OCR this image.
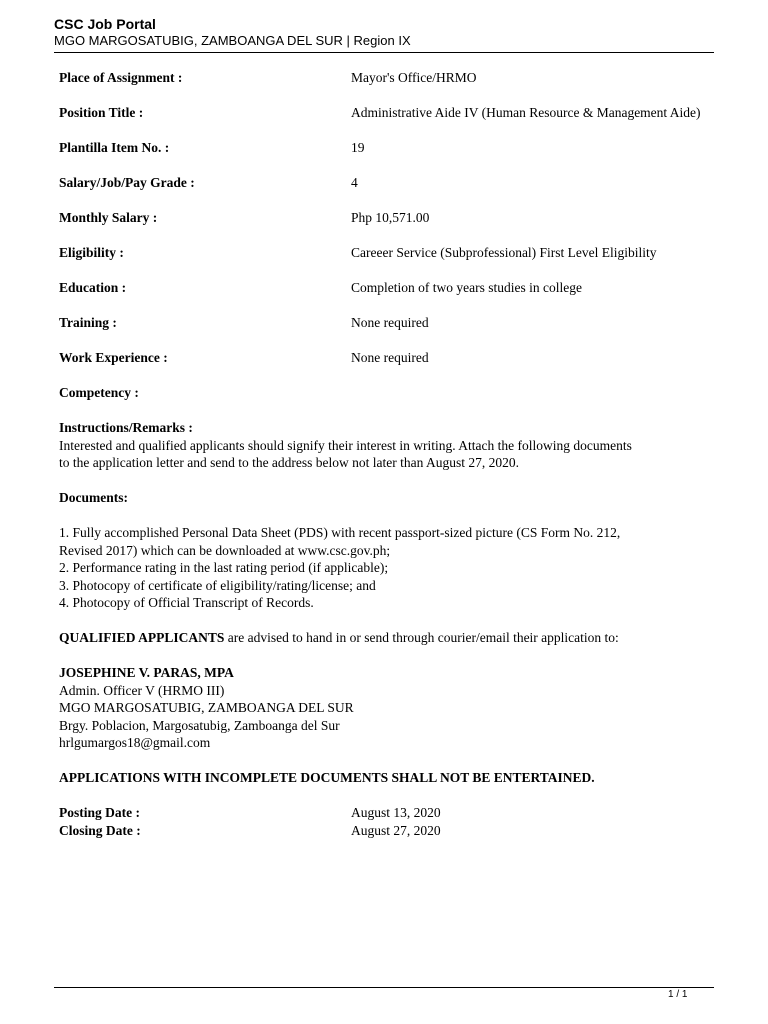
CSC Job Portal
MGO MARGOSATUBIG, ZAMBOANGA DEL SUR | Region IX
Place of Assignment :	Mayor's Office/HRMO
Position Title :	Administrative Aide IV (Human Resource & Management Aide)
Plantilla Item No. :	19
Salary/Job/Pay Grade :	4
Monthly Salary :	Php 10,571.00
Eligibility :	Careeer Service (Subprofessional) First Level Eligibility
Education :	Completion of two years studies in college
Training :	None required
Work Experience :	None required
Competency :
Instructions/Remarks :
Interested and qualified applicants should signify their interest in writing. Attach the following documents
to the application letter and send to the address below not later than August 27, 2020.
Documents:
1. Fully accomplished Personal Data Sheet (PDS) with recent passport-sized picture (CS Form No. 212,
Revised 2017) which can be downloaded at www.csc.gov.ph;
2. Performance rating in the last rating period (if applicable);
3. Photocopy of certificate of eligibility/rating/license; and
4. Photocopy of Official Transcript of Records.
QUALIFIED APPLICANTS are advised to hand in or send through courier/email their application to:
JOSEPHINE V. PARAS, MPA
Admin. Officer V (HRMO III)
MGO MARGOSATUBIG, ZAMBOANGA DEL SUR
Brgy. Poblacion, Margosatubig, Zamboanga del Sur
hrlgumargos18@gmail.com
APPLICATIONS WITH INCOMPLETE DOCUMENTS SHALL NOT BE ENTERTAINED.
Posting Date :	August 13, 2020
Closing Date :	August 27, 2020
1 / 1
